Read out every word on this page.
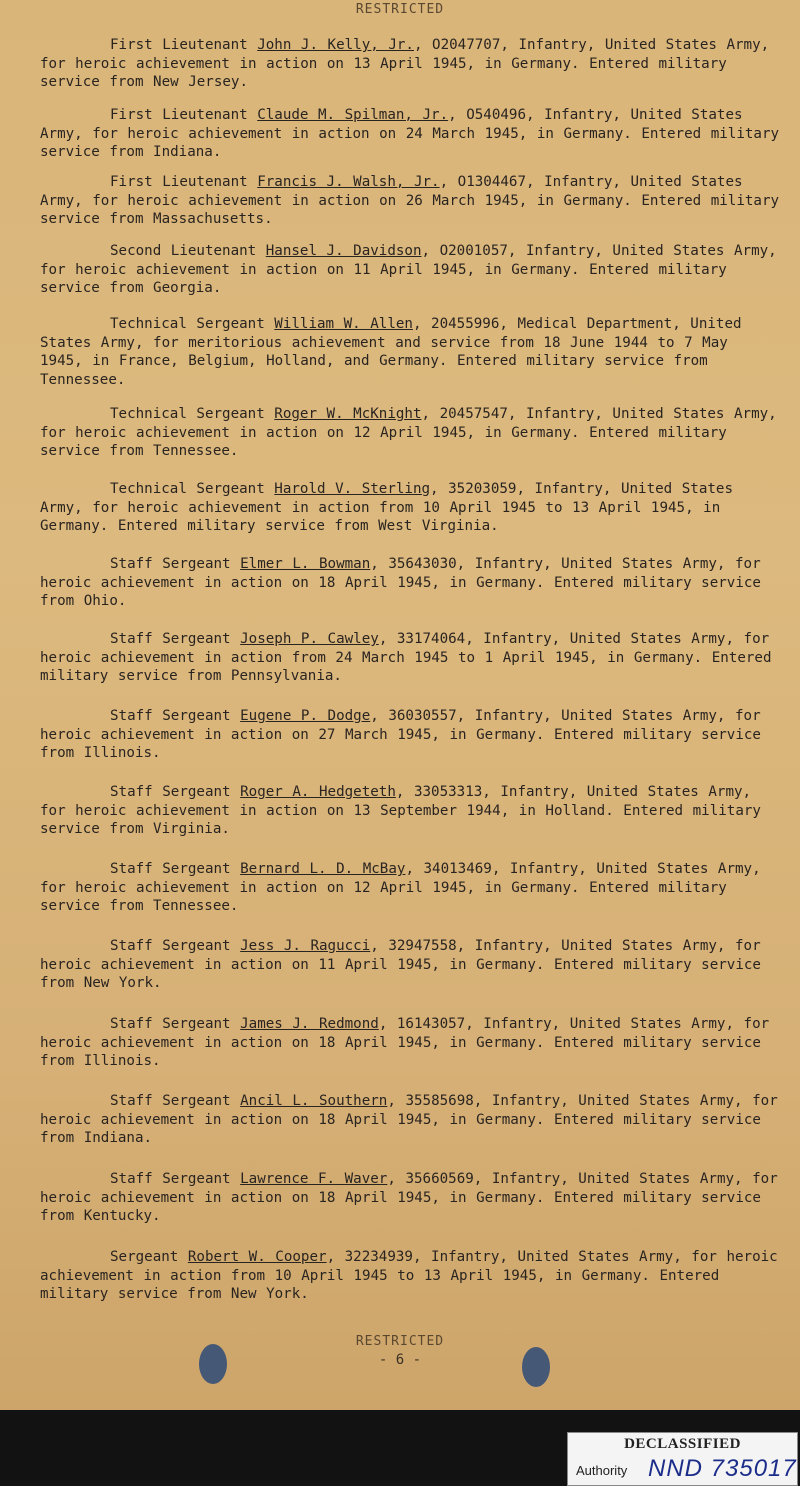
RESTRICTED
First Lieutenant John J. Kelly, Jr., O2047707, Infantry, United States Army, for heroic achievement in action on 13 April 1945, in Germany. Entered military service from New Jersey.
First Lieutenant Claude M. Spilman, Jr., O540496, Infantry, United States Army, for heroic achievement in action on 24 March 1945, in Germany. Entered military service from Indiana.
First Lieutenant Francis J. Walsh, Jr., O1304467, Infantry, United States Army, for heroic achievement in action on 26 March 1945, in Germany. Entered military service from Massachusetts.
Second Lieutenant Hansel J. Davidson, O2001057, Infantry, United States Army, for heroic achievement in action on 11 April 1945, in Germany. Entered military service from Georgia.
Technical Sergeant William W. Allen, 20455996, Medical Department, United States Army, for meritorious achievement and service from 18 June 1944 to 7 May 1945, in France, Belgium, Holland, and Germany. Entered military service from Tennessee.
Technical Sergeant Roger W. McKnight, 20457547, Infantry, United States Army, for heroic achievement in action on 12 April 1945, in Germany. Entered military service from Tennessee.
Technical Sergeant Harold V. Sterling, 35203059, Infantry, United States Army, for heroic achievement in action from 10 April 1945 to 13 April 1945, in Germany. Entered military service from West Virginia.
Staff Sergeant Elmer L. Bowman, 35643030, Infantry, United States Army, for heroic achievement in action on 18 April 1945, in Germany. Entered military service from Ohio.
Staff Sergeant Joseph P. Cawley, 33174064, Infantry, United States Army, for heroic achievement in action from 24 March 1945 to 1 April 1945, in Germany. Entered military service from Pennsylvania.
Staff Sergeant Eugene P. Dodge, 36030557, Infantry, United States Army, for heroic achievement in action on 27 March 1945, in Germany. Entered military service from Illinois.
Staff Sergeant Roger A. Hedgeteth, 33053313, Infantry, United States Army, for heroic achievement in action on 13 September 1944, in Holland. Entered military service from Virginia.
Staff Sergeant Bernard L. D. McBay, 34013469, Infantry, United States Army, for heroic achievement in action on 12 April 1945, in Germany. Entered military service from Tennessee.
Staff Sergeant Jess J. Ragucci, 32947558, Infantry, United States Army, for heroic achievement in action on 11 April 1945, in Germany. Entered military service from New York.
Staff Sergeant James J. Redmond, 16143057, Infantry, United States Army, for heroic achievement in action on 18 April 1945, in Germany. Entered military service from Illinois.
Staff Sergeant Ancil L. Southern, 35585698, Infantry, United States Army, for heroic achievement in action on 18 April 1945, in Germany. Entered military service from Indiana.
Staff Sergeant Lawrence F. Waver, 35660569, Infantry, United States Army, for heroic achievement in action on 18 April 1945, in Germany. Entered military service from Kentucky.
Sergeant Robert W. Cooper, 32234939, Infantry, United States Army, for heroic achievement in action from 10 April 1945 to 13 April 1945, in Germany. Entered military service from New York.
RESTRICTED
- 6 -
DECLASSIFIED
Authority NND 735017
